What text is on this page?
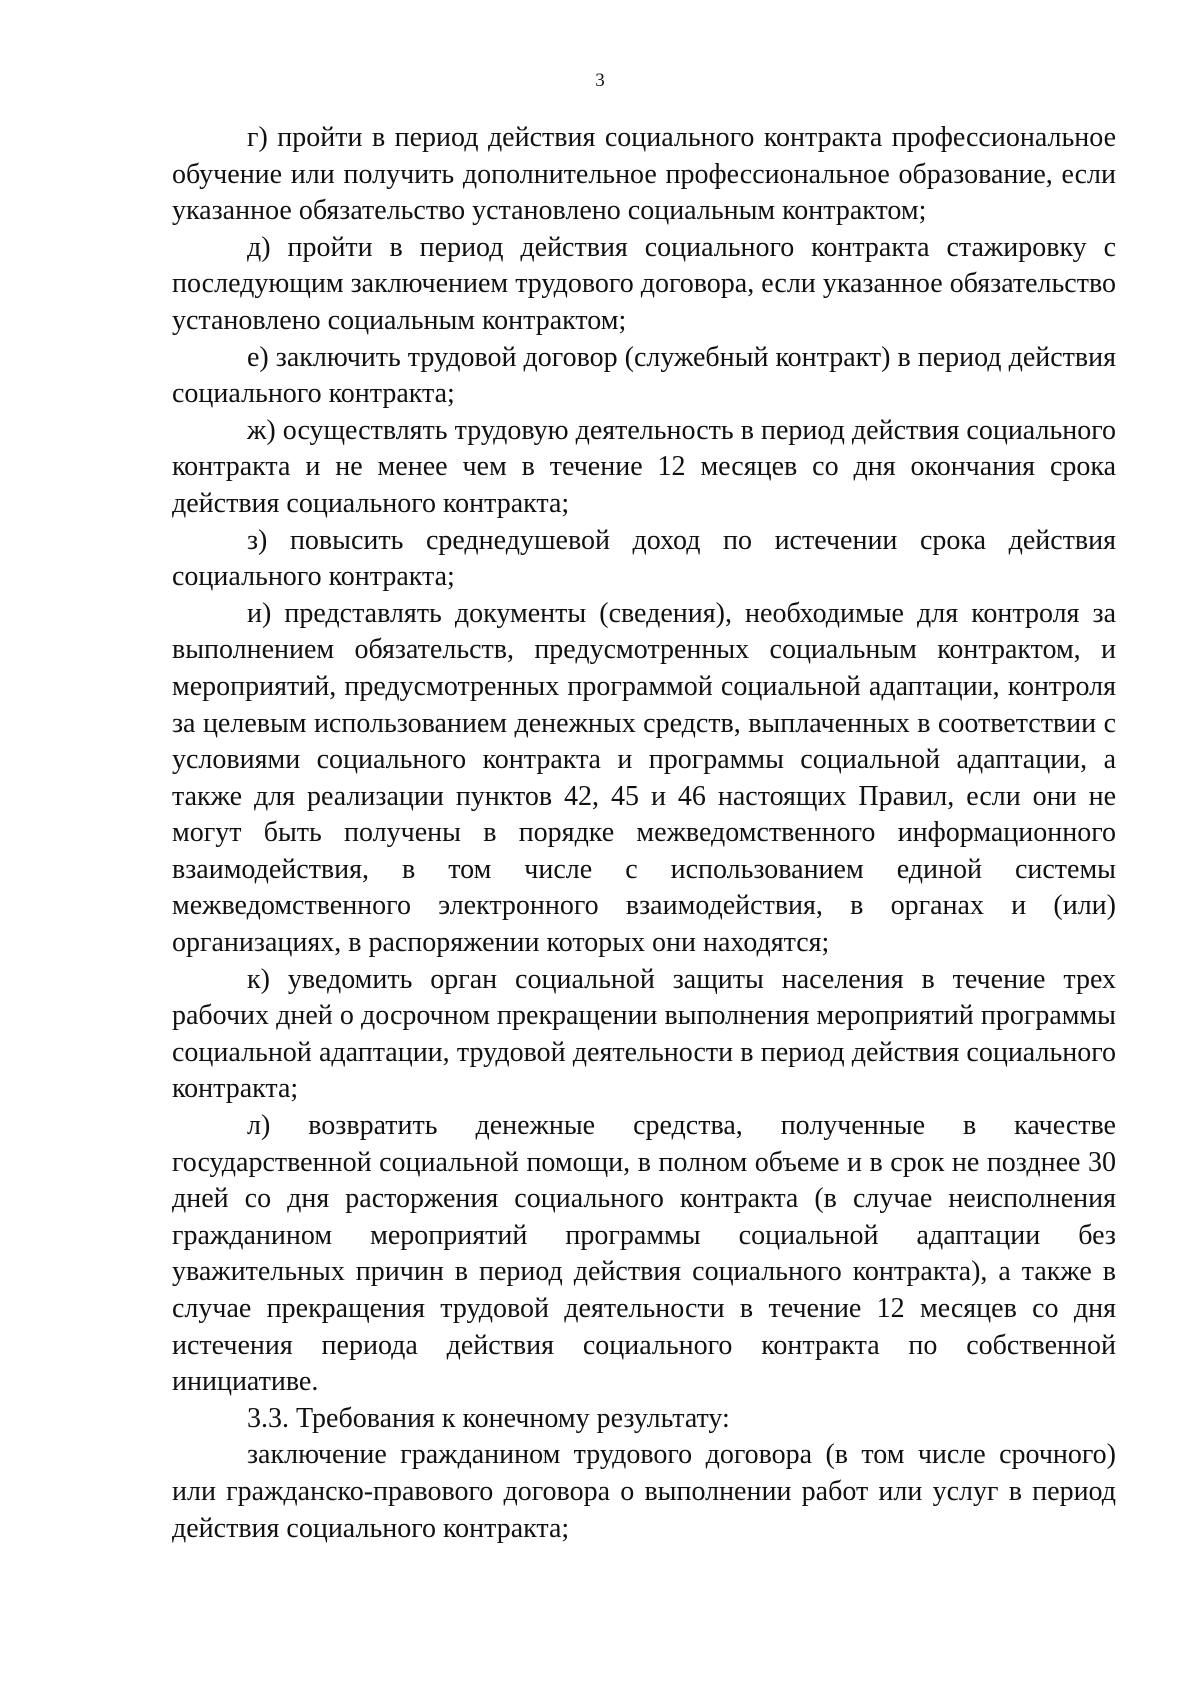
3

г) пройти в период действия социального контракта профессиональное обучение или получить дополнительное профессиональное образование, если указанное обязательство установлено социальным контрактом;

д) пройти в период действия социального контракта стажировку с последующим заключением трудового договора, если указанное обязательство установлено социальным контрактом;

е) заключить трудовой договор (служебный контракт) в период действия социального контракта;

ж) осуществлять трудовую деятельность в период действия социального контракта и не менее чем в течение 12 месяцев со дня окончания срока действия социального контракта;

з) повысить среднедушевой доход по истечении срока действия социального контракта;

и) представлять документы (сведения), необходимые для контроля за выполнением обязательств, предусмотренных социальным контрактом, и мероприятий, предусмотренных программой социальной адаптации, контроля за целевым использованием денежных средств, выплаченных в соответствии с условиями социального контракта и программы социальной адаптации, а также для реализации пунктов 42, 45 и 46 настоящих Правил, если они не могут быть получены в порядке межведомственного информационного взаимодействия, в том числе с использованием единой системы межведомственного электронного взаимодействия, в органах и (или) организациях, в распоряжении которых они находятся;

к) уведомить орган социальной защиты населения в течение трех рабочих дней о досрочном прекращении выполнения мероприятий программы социальной адаптации, трудовой деятельности в период действия социального контракта;

л) возвратить денежные средства, полученные в качестве государственной социальной помощи, в полном объеме и в срок не позднее 30 дней со дня расторжения социального контракта (в случае неисполнения гражданином мероприятий программы социальной адаптации без уважительных причин в период действия социального контракта), а также в случае прекращения трудовой деятельности в течение 12 месяцев со дня истечения периода действия социального контракта по собственной инициативе.

3.3. Требования к конечному результату:

заключение гражданином трудового договора (в том числе срочного) или гражданско-правового договора о выполнении работ или услуг в период действия социального контракта;
